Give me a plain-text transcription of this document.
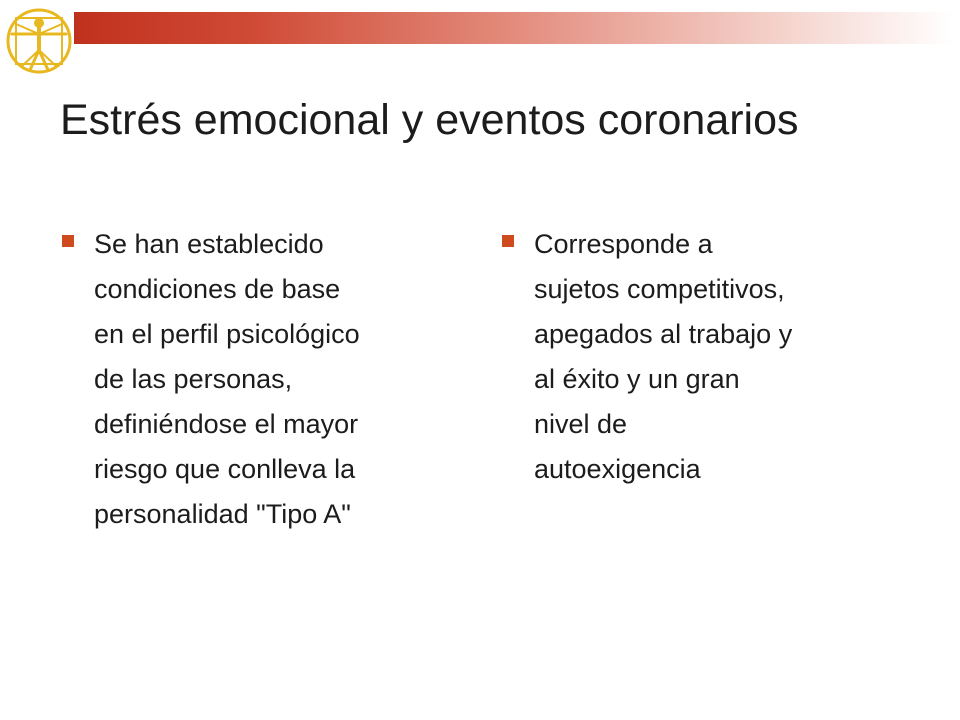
Estrés emocional y eventos coronarios
Se han establecido
condiciones de base
en el perfil psicológico
de las personas,
definiéndose el mayor
riesgo que conlleva la
personalidad "Tipo A"
Corresponde a
sujetos competitivos,
apegados al trabajo y
al éxito y un gran
nivel de
autoexigencia
